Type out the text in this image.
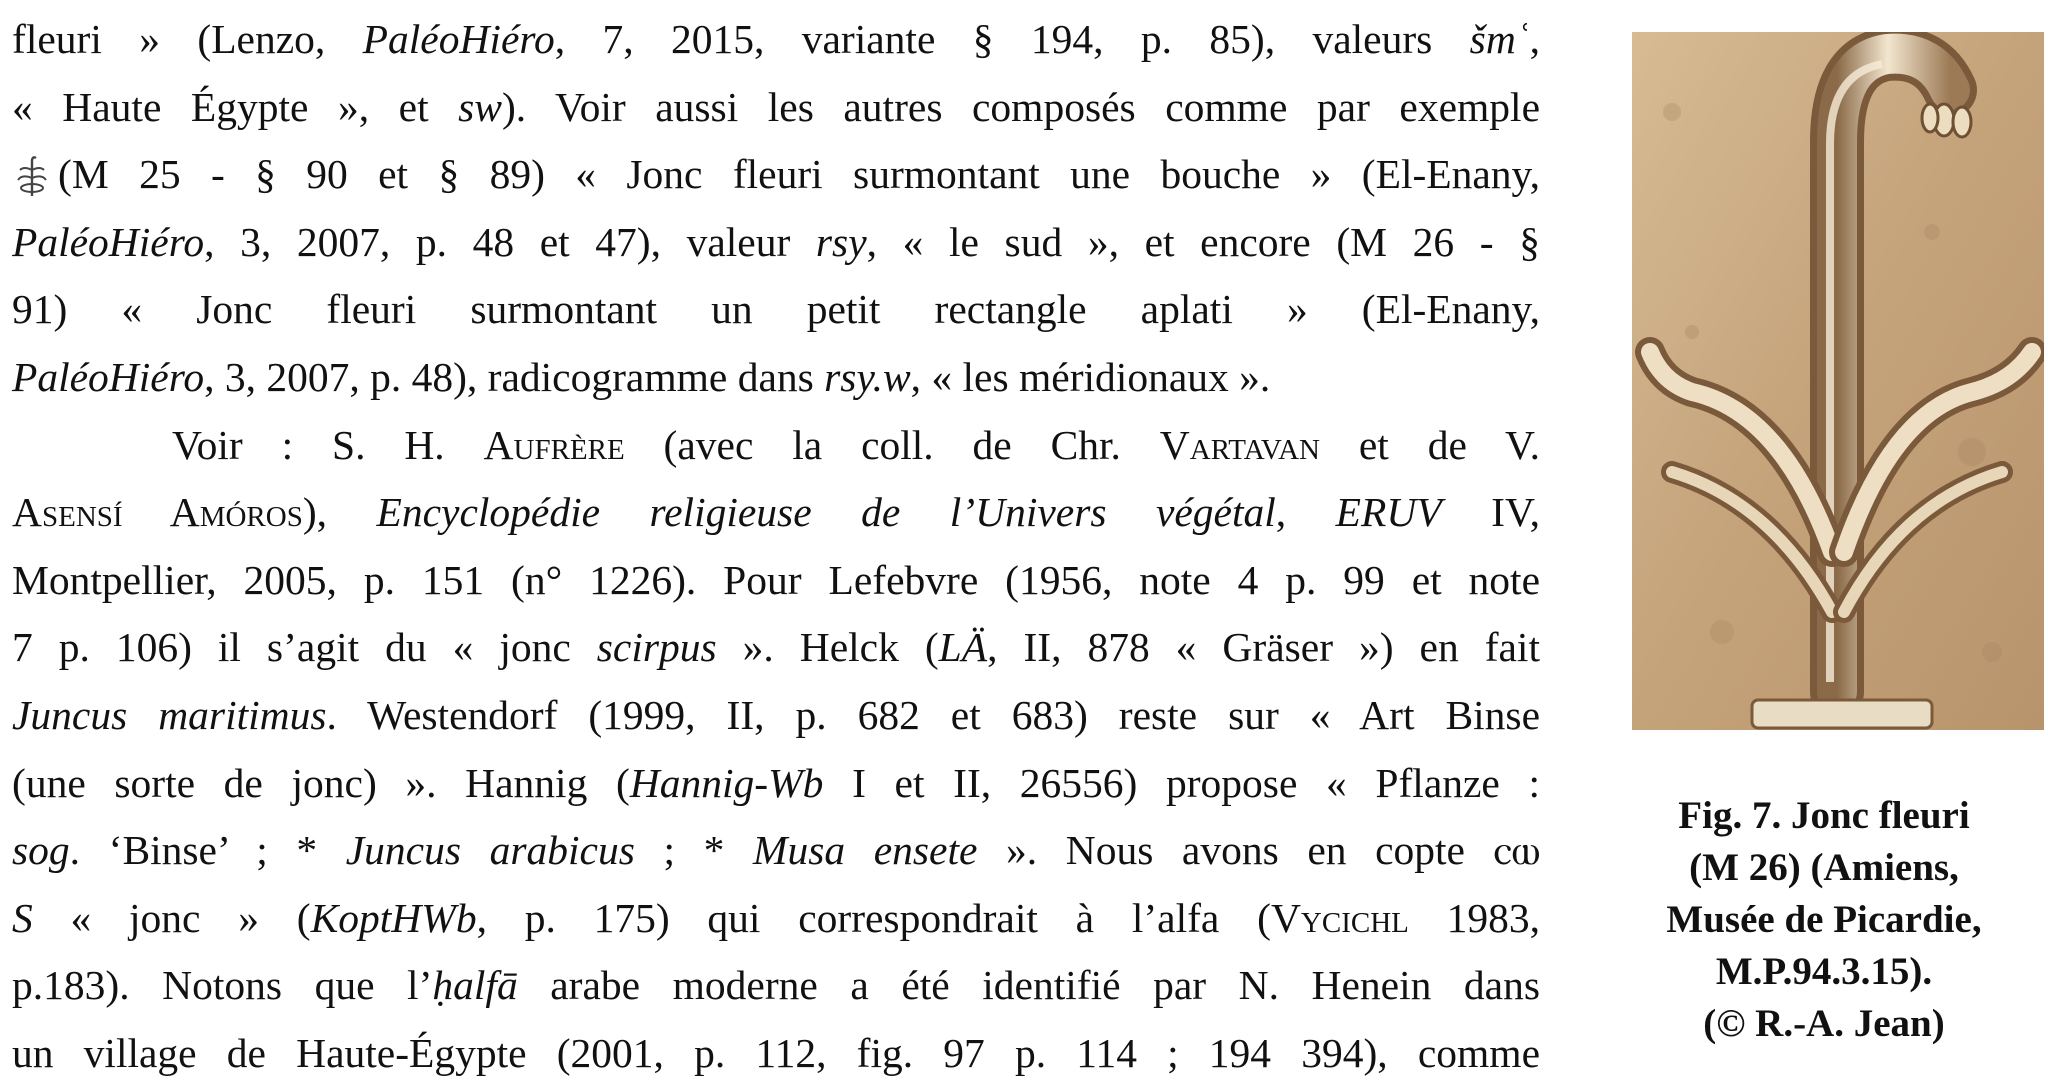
fleuri » (Lenzo, PaléoHiéro, 7, 2015, variante § 194, p. 85), valeurs šmʿ,
« Haute Égypte », et sw). Voir aussi les autres composés comme par exemple
(M 25 - § 90 et § 89) « Jonc fleuri surmontant une bouche » (El-Enany,
PaléoHiéro, 3, 2007, p. 48 et 47), valeur rsy, « le sud », et encore (M 26 - §
91) « Jonc fleuri surmontant un petit rectangle aplati » (El-Enany,
PaléoHiéro, 3, 2007, p. 48), radicogramme dans rsy.w, « les méridionaux ».
Voir : S. H. Aufrère (avec la coll. de Chr. Vartavan et de V.
Asensí Amóros), Encyclopédie religieuse de l’Univers végétal, ERUV IV,
Montpellier, 2005, p. 151 (n° 1226). Pour Lefebvre (1956, note 4 p. 99 et note
7 p. 106) il s’agit du « jonc scirpus ». Helck (LÄ, II, 878 « Gräser ») en fait
Juncus maritimus. Westendorf (1999, II, p. 682 et 683) reste sur « Art Binse
(une sorte de jonc) ». Hannig (Hannig-Wb I et II, 26556) propose « Pflanze :
sog. ‘Binse’ ; * Juncus arabicus ; * Musa ensete ». Nous avons en copte ⲥⲱ
S « jonc » (KoptHWb, p. 175) qui correspondrait à l’alfa (Vycichl 1983,
p.183). Notons que l’ḥalfā arabe moderne a été identifié par N. Henein dans
un village de Haute-Égypte (2001, p. 112, fig. 97 p. 114 ; 194 394), comme
Fig. 7. Jonc fleuri
(M 26) (Amiens,
Musée de Picardie,
M.P.94.3.15).
(© R.-A. Jean)
